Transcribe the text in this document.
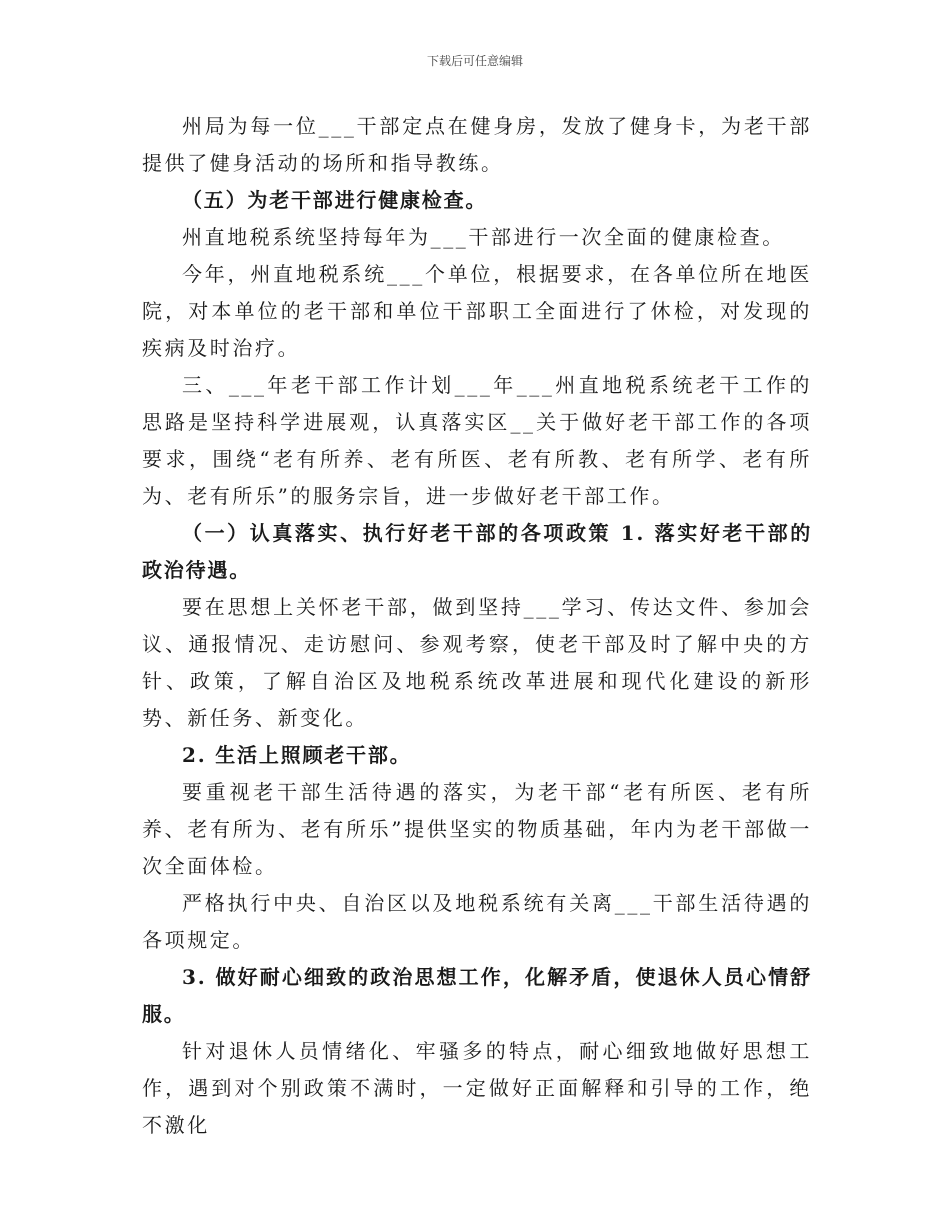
下载后可任意编辑

州局为每一位___干部定点在健身房，发放了健身卡，为老干部提供了健身活动的场所和指导教练。

（五）为老干部进行健康检查。

州直地税系统坚持每年为___干部进行一次全面的健康检查。

今年，州直地税系统___个单位，根据要求，在各单位所在地医院，对本单位的老干部和单位干部职工全面进行了休检，对发现的疾病及时治疗。

三、___年老干部工作计划___年___州直地税系统老干工作的思路是坚持科学进展观，认真落实区__关于做好老干部工作的各项要求，围绕“老有所养、老有所医、老有所教、老有所学、老有所为、老有所乐”的服务宗旨，进一步做好老干部工作。

（一）认真落实、执行好老干部的各项政策 1. 落实好老干部的政治待遇。

要在思想上关怀老干部，做到坚持___学习、传达文件、参加会议、通报情况、走访慰问、参观考察，使老干部及时了解中央的方针、政策，了解自治区及地税系统改革进展和现代化建设的新形势、新任务、新变化。

2. 生活上照顾老干部。

要重视老干部生活待遇的落实，为老干部“老有所医、老有所养、老有所为、老有所乐”提供坚实的物质基础，年内为老干部做一次全面体检。

严格执行中央、自治区以及地税系统有关离___干部生活待遇的各项规定。

3. 做好耐心细致的政治思想工作，化解矛盾，使退休人员心情舒服。

针对退休人员情绪化、牢骚多的特点，耐心细致地做好思想工作，遇到对个别政策不满时，一定做好正面解释和引导的工作，绝不激化
